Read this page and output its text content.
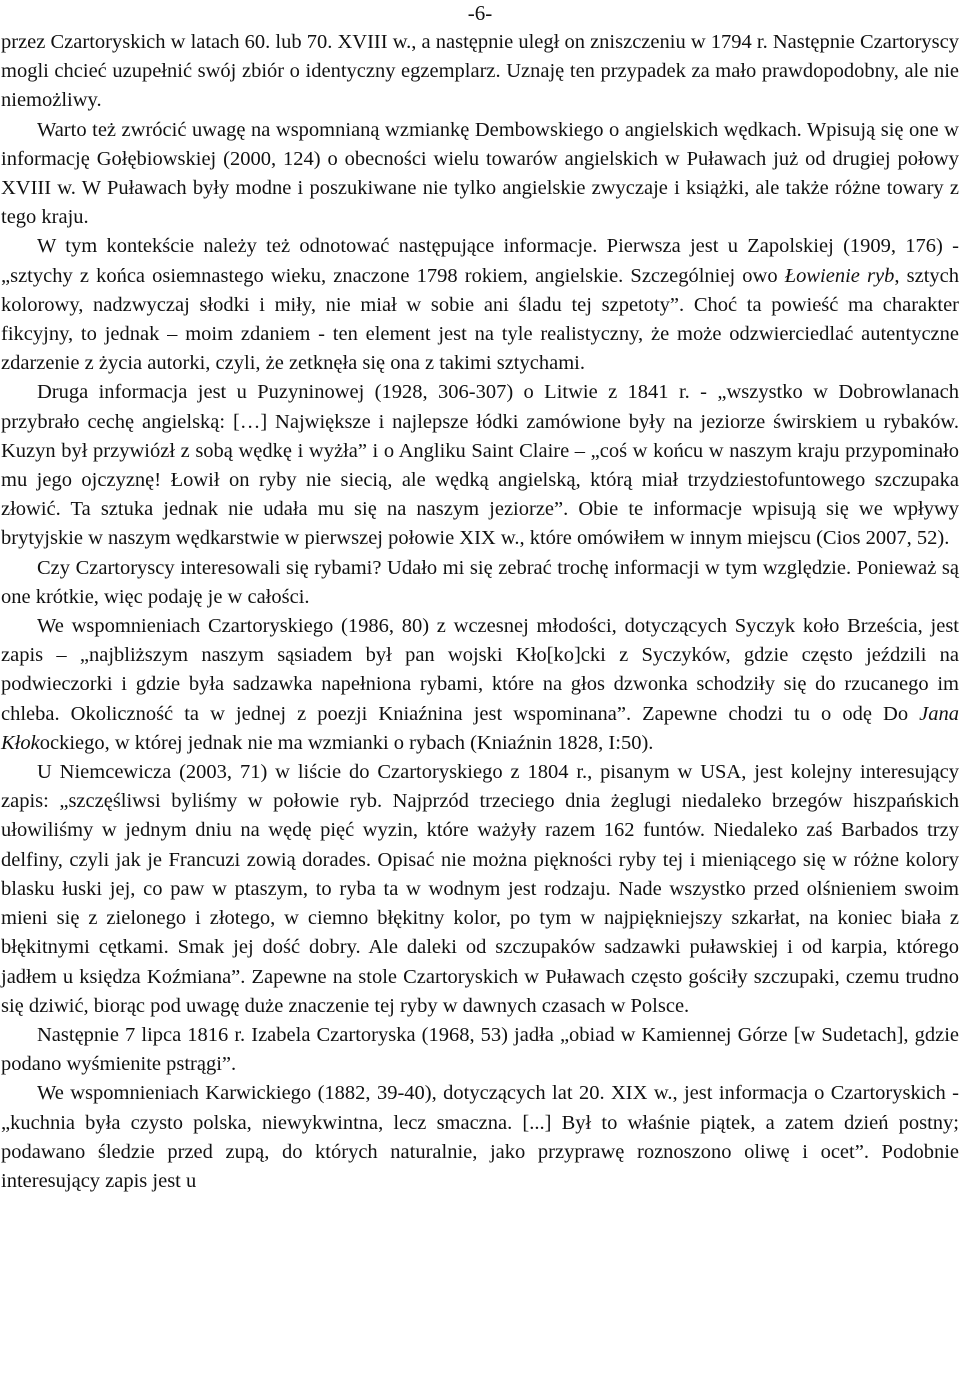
-6-

przez Czartoryskich w latach 60. lub 70. XVIII w., a następnie uległ on zniszczeniu w 1794 r. Następnie Czartoryscy mogli chcieć uzupełnić swój zbiór o identyczny egzemplarz. Uznaję ten przypadek za mało prawdopodobny, ale nie niemożliwy.

Warto też zwrócić uwagę na wspomnianą wzmiankę Dembowskiego o angielskich wędkach. Wpisują się one w informację Gołębiowskiej (2000, 124) o obecności wielu towarów angielskich w Puławach już od drugiej połowy XVIII w. W Puławach były modne i poszukiwane nie tylko angielskie zwyczaje i książki, ale także różne towary z tego kraju.

W tym kontekście należy też odnotować następujące informacje. Pierwsza jest u Zapolskiej (1909, 176) - „sztychy z końca osiemnastego wieku, znaczone 1798 rokiem, angielskie. Szczególniej owo Łowienie ryb, sztych kolorowy, nadzwyczaj słodki i miły, nie miał w sobie ani śladu tej szpetoty”. Choć ta powieść ma charakter fikcyjny, to jednak – moim zdaniem - ten element jest na tyle realistyczny, że może odzwierciedlać autentyczne zdarzenie z życia autorki, czyli, że zetknęła się ona z takimi sztychami.

Druga informacja jest u Puzyninowej (1928, 306-307) o Litwie z 1841 r. - „wszystko w Dobrowlanach przybrało cechę angielską: […] Największe i najlepsze łódki zamówione były na jeziorze świrskiem u rybaków. Kuzyn był przywiózł z sobą wędkę i wyżła” i o Angliku Saint Claire – „coś w końcu w naszym kraju przypominało mu jego ojczyznę! Łowił on ryby nie siecią, ale wędką angielską, którą miał trzydziestofuntowego szczupaka złowić. Ta sztuka jednak nie udała mu się na naszym jeziorze”. Obie te informacje wpisują się we wpływy brytyjskie w naszym wędkarstwie w pierwszej połowie XIX w., które omówiłem w innym miejscu (Cios 2007, 52).

Czy Czartoryscy interesowali się rybami? Udało mi się zebrać trochę informacji w tym względzie. Ponieważ są one krótkie, więc podaję je w całości.

We wspomnieniach Czartoryskiego (1986, 80) z wczesnej młodości, dotyczących Syczyk koło Brześcia, jest zapis – „najbliższym naszym sąsiadem był pan wojski Kło[ko]cki z Syczyków, gdzie często jeździli na podwieczorki i gdzie była sadzawka napełniona rybami, które na głos dzwonka schodziły się do rzucanego im chleba. Okoliczność ta w jednej z poezji Kniaźnina jest wspominana”. Zapewne chodzi tu o odę Do Jana Kłokockiego, w której jednak nie ma wzmianki o rybach (Kniaźnin 1828, I:50).

U Niemcewicza (2003, 71) w liście do Czartoryskiego z 1804 r., pisanym w USA, jest kolejny interesujący zapis: „szczęśliwsi byliśmy w połowie ryb. Najprzód trzeciego dnia żeglugi niedaleko brzegów hiszpańskich ułowiliśmy w jednym dniu na wędę pięć wyzin, które ważyły razem 162 funtów. Niedaleko zaś Barbados trzy delfiny, czyli jak je Francuzi zowią dorades. Opisać nie można piękności ryby tej i mieniącego się w różne kolory blasku łuski jej, co paw w ptaszym, to ryba ta w wodnym jest rodzaju. Nade wszystko przed olśnieniem swoim mieni się z zielonego i złotego, w ciemno błękitny kolor, po tym w najpiękniejszy szkarłat, na koniec biała z błękitnymi cętkami. Smak jej dość dobry. Ale daleki od szczupaków sadzawki puławskiej i od karpia, którego jadłem u księdza Koźmiana”. Zapewne na stole Czartoryskich w Puławach często gościły szczupaki, czemu trudno się dziwić, biorąc pod uwagę duże znaczenie tej ryby w dawnych czasach w Polsce.

Następnie 7 lipca 1816 r. Izabela Czartoryska (1968, 53) jadła „obiad w Kamiennej Górze [w Sudetach], gdzie podano wyśmienite pstrągi”.

We wspomnieniach Karwickiego (1882, 39-40), dotyczących lat 20. XIX w., jest informacja o Czartoryskich - „kuchnia była czysto polska, niewykwintna, lecz smaczna. [...] Był to właśnie piątek, a zatem dzień postny; podawano śledzie przed zupą, do których naturalnie, jako przyprawę roznoszono oliwę i ocet”. Podobnie interesujący zapis jest u
